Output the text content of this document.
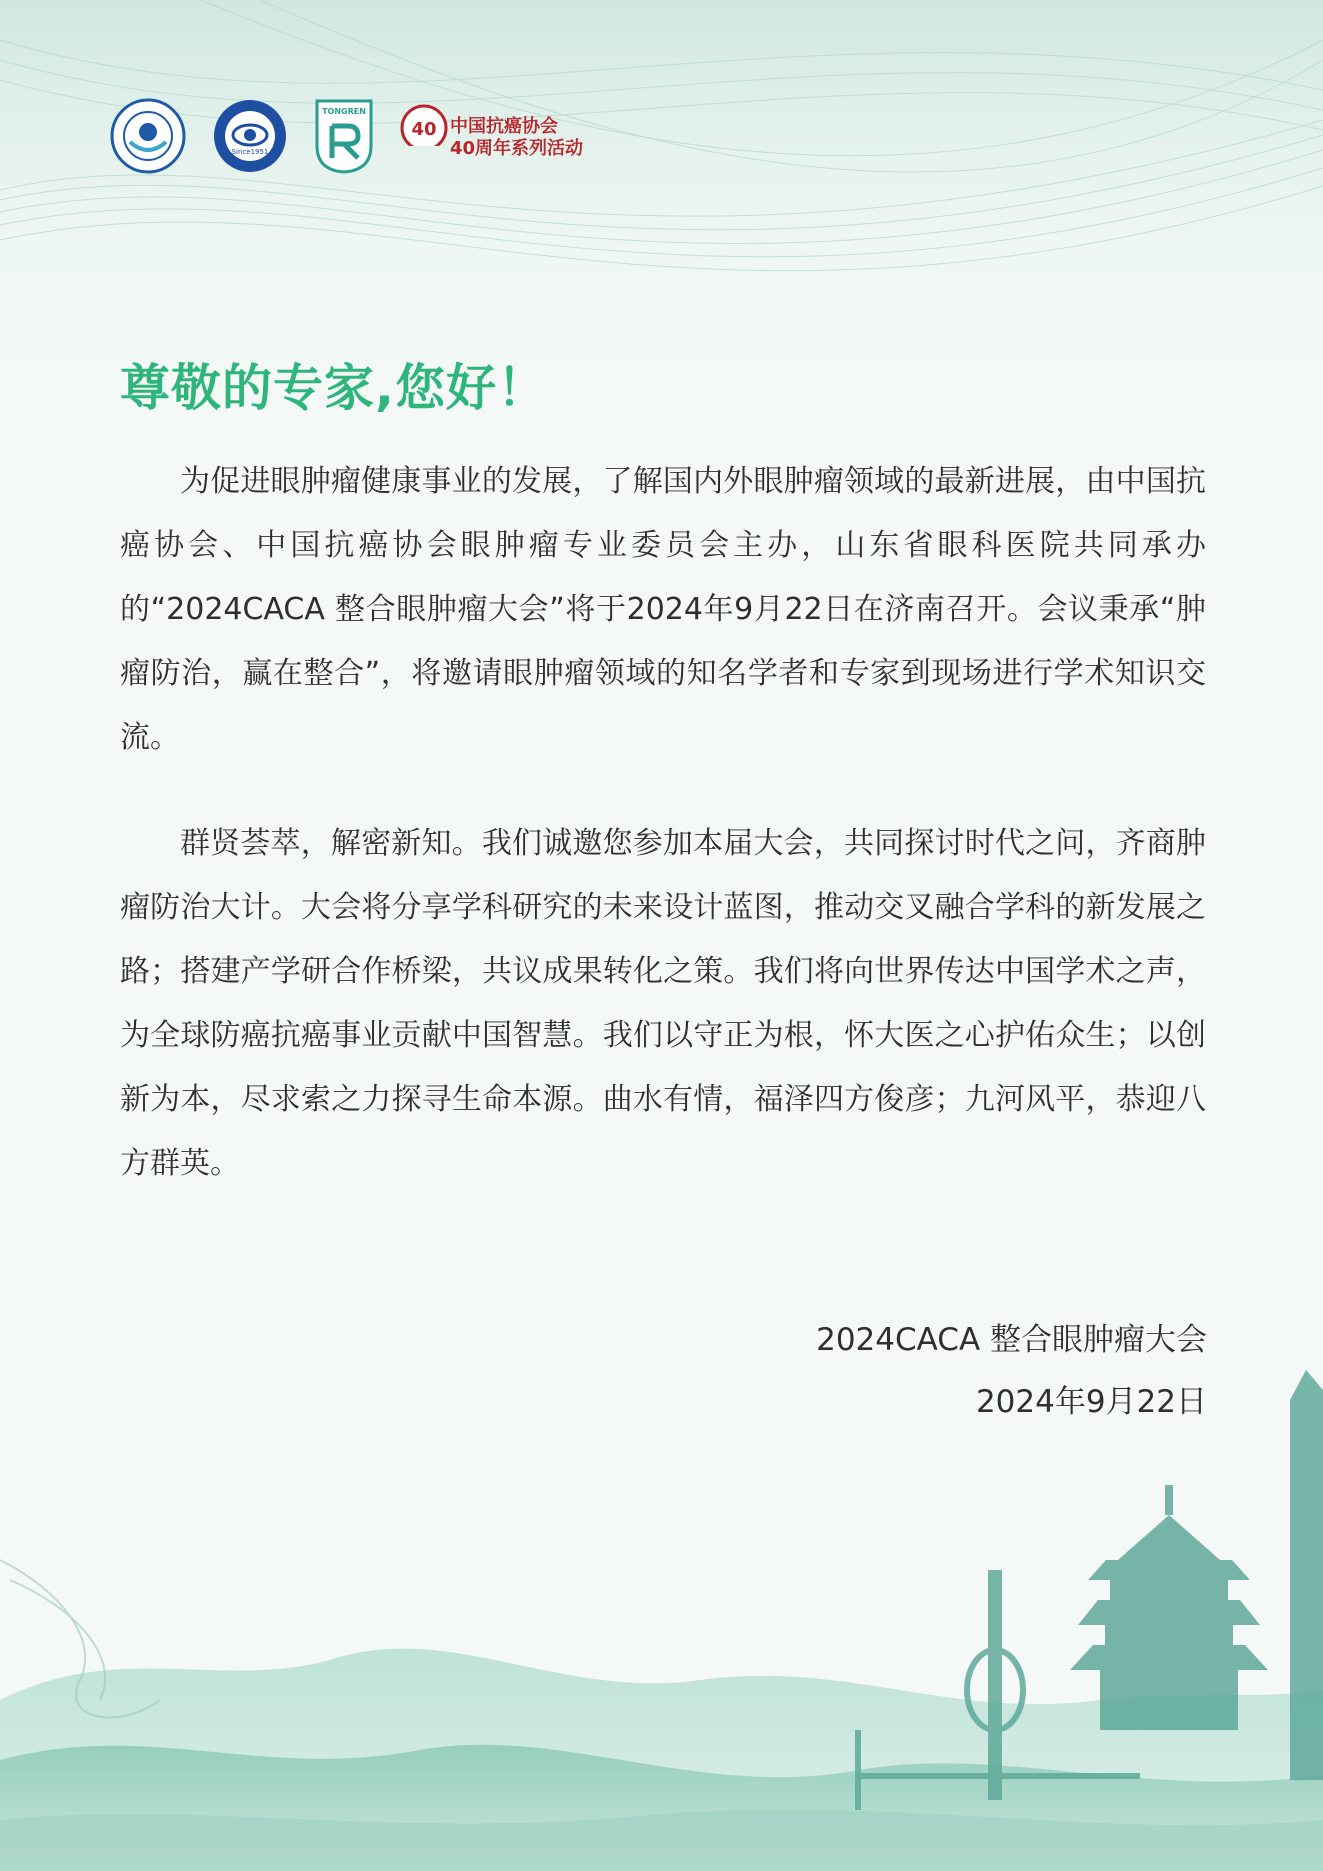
Since1951
TONGREN
40 中国抗癌协会
40周年系列活动
尊敬的专家,您好！
为促进眼肿瘤健康事业的发展，了解国内外眼肿瘤领域的最新进展，由中国抗癌协会、中国抗癌协会眼肿瘤专业委员会主办，山东省眼科医院共同承办的“2024CACA 整合眼肿瘤大会”将于2024年9月22日在济南召开。会议秉承“肿瘤防治，赢在整合”，将邀请眼肿瘤领域的知名学者和专家到现场进行学术知识交流。
群贤荟萃，解密新知。我们诚邀您参加本届大会，共同探讨时代之问，齐商肿瘤防治大计。大会将分享学科研究的未来设计蓝图，推动交叉融合学科的新发展之路；搭建产学研合作桥梁，共议成果转化之策。我们将向世界传达中国学术之声，为全球防癌抗癌事业贡献中国智慧。我们以守正为根，怀大医之心护佑众生；以创新为本，尽求索之力探寻生命本源。曲水有情，福泽四方俊彦；九河风平，恭迎八方群英。
2024CACA 整合眼肿瘤大会
2024年9月22日
